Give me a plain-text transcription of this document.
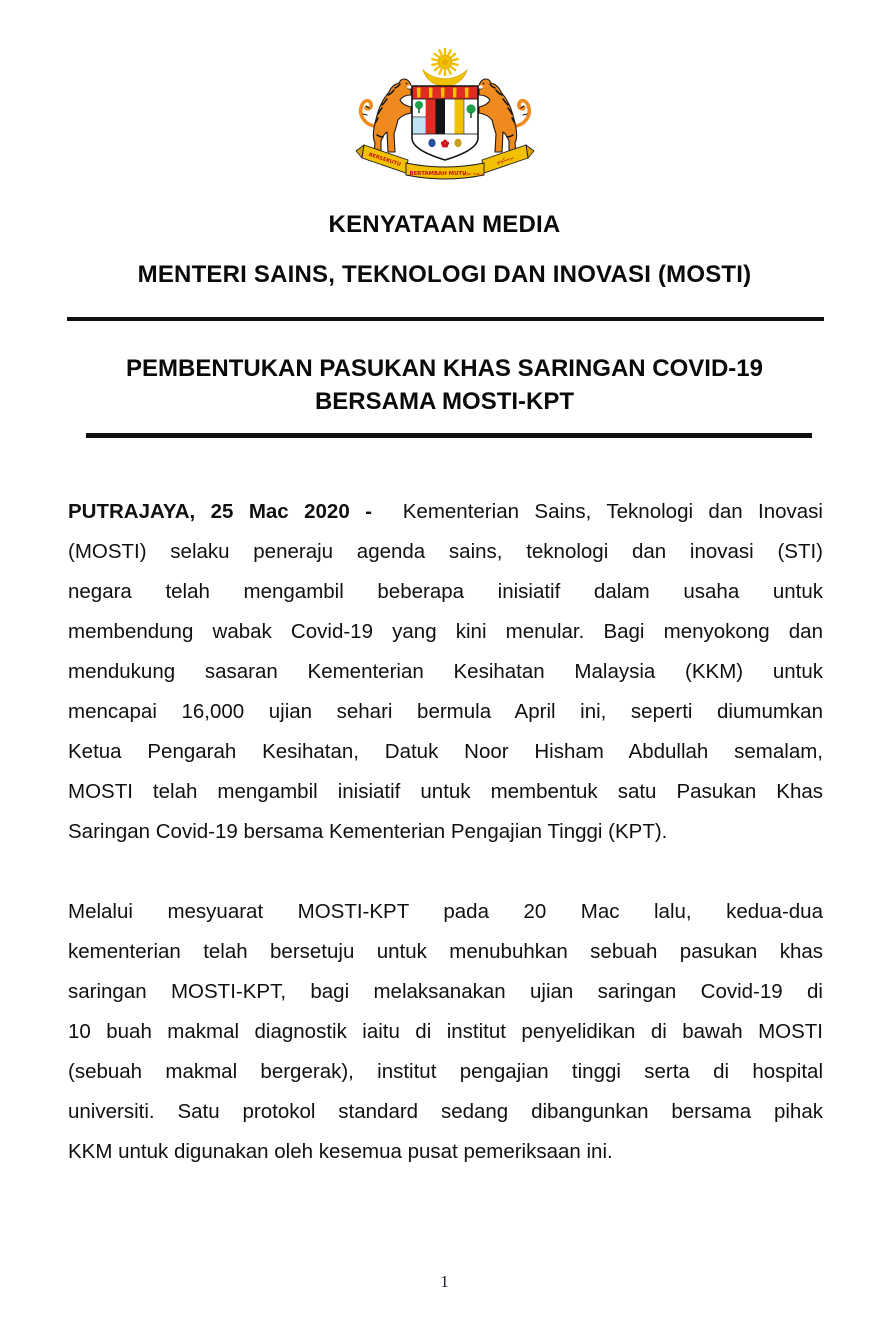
BERSEKUTU	برسکوتو
BERTAMBAH MUTU
برتمبه موتو
KENYATAAN MEDIA
MENTERI SAINS, TEKNOLOGI DAN INOVASI (MOSTI)
PEMBENTUKAN PASUKAN KHAS SARINGAN COVID-19
BERSAMA MOSTI-KPT
PUTRAJAYA, 25 Mac 2020 -  Kementerian Sains, Teknologi dan Inovasi
(MOSTI) selaku peneraju agenda sains, teknologi dan inovasi (STI)
negara telah mengambil beberapa inisiatif dalam usaha untuk
membendung wabak Covid-19 yang kini menular. Bagi menyokong dan
mendukung sasaran Kementerian Kesihatan Malaysia (KKM) untuk
mencapai 16,000 ujian sehari bermula April ini, seperti diumumkan
Ketua Pengarah Kesihatan, Datuk Noor Hisham Abdullah semalam,
MOSTI telah mengambil inisiatif untuk membentuk satu Pasukan Khas
Saringan Covid-19 bersama Kementerian Pengajian Tinggi (KPT).
Melalui mesyuarat MOSTI-KPT pada 20 Mac lalu, kedua-dua
kementerian telah bersetuju untuk menubuhkan sebuah pasukan khas
saringan MOSTI-KPT, bagi melaksanakan ujian saringan Covid-19 di
10 buah makmal diagnostik iaitu di institut penyelidikan di bawah MOSTI
(sebuah makmal bergerak), institut pengajian tinggi serta di hospital
universiti. Satu protokol standard sedang dibangunkan bersama pihak
KKM untuk digunakan oleh kesemua pusat pemeriksaan ini.
1
